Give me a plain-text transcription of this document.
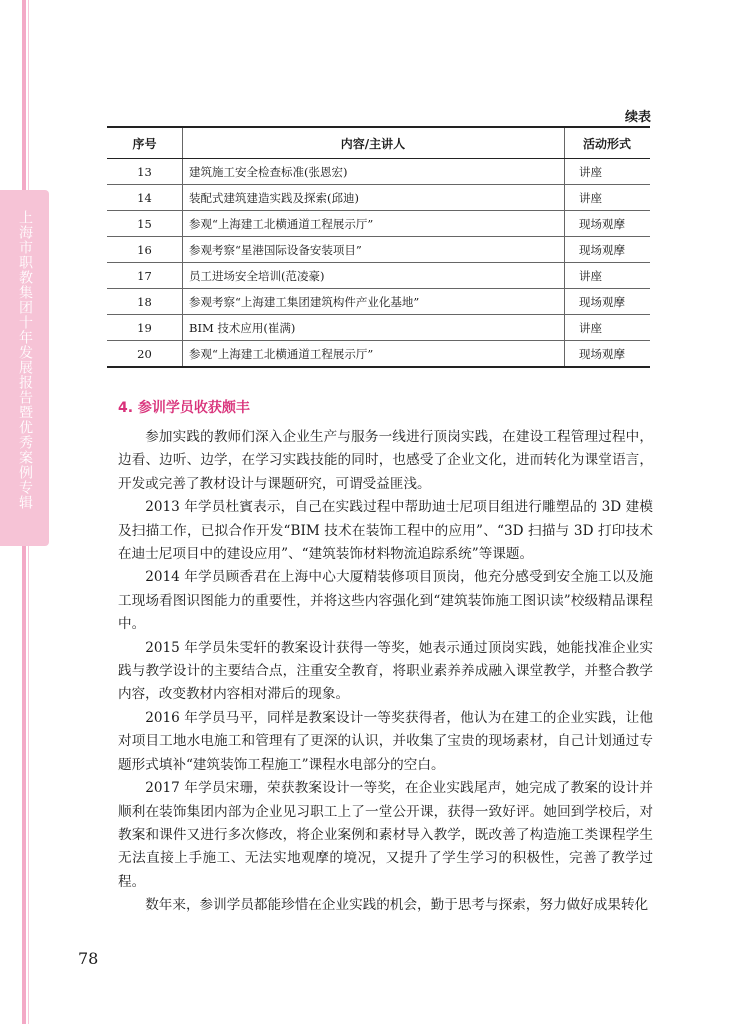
上海市职教集团十年发展报告暨优秀案例专辑
续表
序号	内容/主讲人	活动形式
13	建筑施工安全检查标准(张恩宏)	讲座
14	装配式建筑建造实践及探索(邱迪)	讲座
15	参观“上海建工北横通道工程展示厅”	现场观摩
16	参观考察“星港国际设备安装项目”	现场观摩
17	员工进场安全培训(范凌豪)	讲座
18	参观考察“上海建工集团建筑构件产业化基地”	现场观摩
19	BIM 技术应用(崔满)	讲座
20	参观“上海建工北横通道工程展示厅”	现场观摩
4. 参训学员收获颇丰

参加实践的教师们深入企业生产与服务一线进行顶岗实践，在建设工程管理过程中，边看、边听、边学，在学习实践技能的同时，也感受了企业文化，进而转化为课堂语言，开发或完善了教材设计与课题研究，可谓受益匪浅。

2013 年学员杜賓表示，自己在实践过程中帮助迪士尼项目组进行雕塑品的 3D 建模及扫描工作，已拟合作开发“BIM 技术在装饰工程中的应用”、“3D 扫描与 3D 打印技术在迪士尼项目中的建设应用”、“建筑装饰材料物流追踪系统”等课题。

2014 年学员顾香君在上海中心大厦精装修项目顶岗，他充分感受到安全施工以及施工现场看图识图能力的重要性，并将这些内容强化到“建筑装饰施工图识读”校级精品课程中。

2015 年学员朱雯轩的教案设计获得一等奖，她表示通过顶岗实践，她能找准企业实践与教学设计的主要结合点，注重安全教育，将职业素养养成融入课堂教学，并整合教学内容，改变教材内容相对滞后的现象。

2016 年学员马平，同样是教案设计一等奖获得者，他认为在建工的企业实践，让他对项目工地水电施工和管理有了更深的认识，并收集了宝贵的现场素材，自己计划通过专题形式填补“建筑装饰工程施工”课程水电部分的空白。

2017 年学员宋珊，荣获教案设计一等奖，在企业实践尾声，她完成了教案的设计并顺利在装饰集团内部为企业见习职工上了一堂公开课，获得一致好评。她回到学校后，对教案和课件又进行多次修改，将企业案例和素材导入教学，既改善了构造施工类课程学生无法直接上手施工、无法实地观摩的境况，又提升了学生学习的积极性，完善了教学过程。

数年来，参训学员都能珍惜在企业实践的机会，勤于思考与探索，努力做好成果转化

78
